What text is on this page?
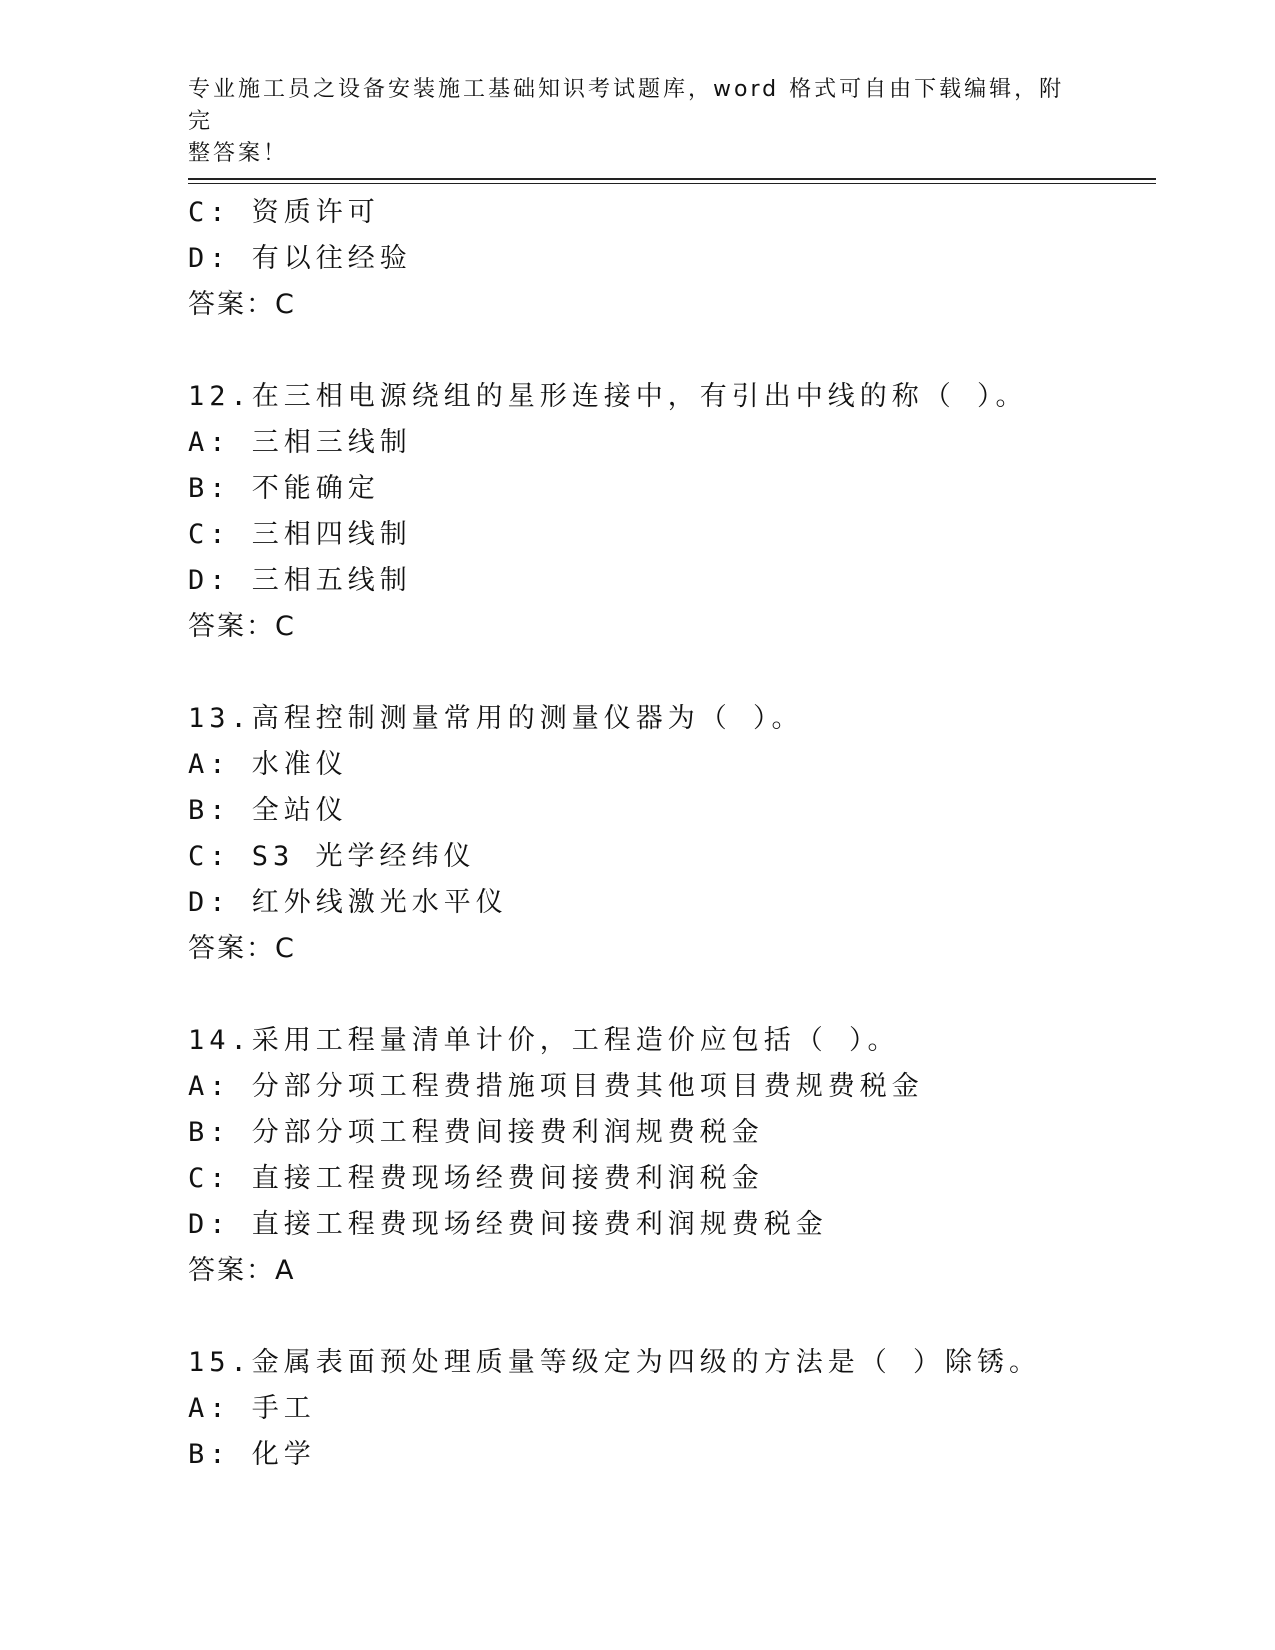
专业施工员之设备安装施工基础知识考试题库，word 格式可自由下载编辑，附完
整答案！
C: 资质许可
D: 有以往经验
答案：C
12.在三相电源绕组的星形连接中，有引出中线的称（ ）。
A: 三相三线制
B: 不能确定
C: 三相四线制
D: 三相五线制
答案：C
13.高程控制测量常用的测量仪器为（ ）。
A: 水准仪
B: 全站仪
C: S3 光学经纬仪
D: 红外线激光水平仪
答案：C
14.采用工程量清单计价，工程造价应包括（ ）。
A: 分部分项工程费措施项目费其他项目费规费税金
B: 分部分项工程费间接费利润规费税金
C: 直接工程费现场经费间接费利润税金
D: 直接工程费现场经费间接费利润规费税金
答案：A
15.金属表面预处理质量等级定为四级的方法是（ ）除锈。
A: 手工
B: 化学
